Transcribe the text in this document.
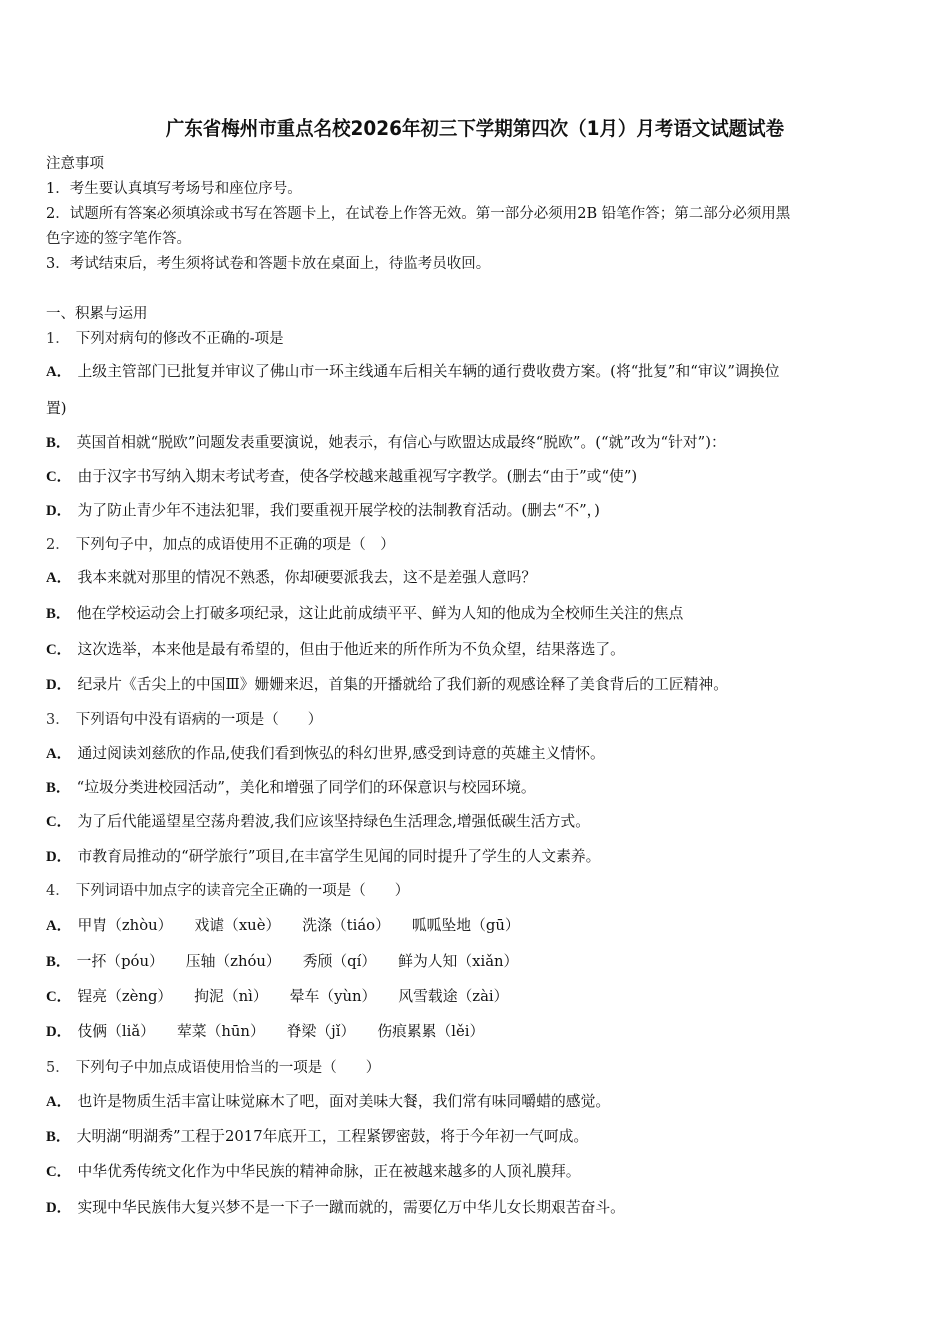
广东省梅州市重点名校2026年初三下学期第四次（1月）月考语文试题试卷
注意事项
1．考生要认真填写考场号和座位序号。
2．试题所有答案必须填涂或书写在答题卡上，在试卷上作答无效。第一部分必须用2B 铅笔作答；第二部分必须用黑
色字迹的签字笔作答。
3．考试结束后，考生须将试卷和答题卡放在桌面上，待监考员收回。
一、积累与运用
1． 下列对病句的修改不正确的-项是
A． 上级主管部门已批复并审议了佛山市一环主线通车后相关车辆的通行费收费方案。(将“批复”和“审议”调换位
置)
B． 英国首相就“脱欧”问题发表重要演说，她表示，有信心与欧盟达成最终“脱欧”。(“就”改为“针对”)：
C． 由于汉字书写纳入期末考试考查，使各学校越来越重视写字教学。(删去“由于”或“使”)
D． 为了防止青少年不违法犯罪，我们要重视开展学校的法制教育活动。(删去“不”，)
2． 下列句子中，加点的成语使用不正确的项是（　）
A． 我本来就对那里的情况不熟悉，你却硬要派我去，这不是差强人意吗？
B． 他在学校运动会上打破多项纪录，这让此前成绩平平、鲜为人知的他成为全校师生关注的焦点
C． 这次选举，本来他是最有希望的，但由于他近来的所作所为不负众望，结果落选了。
D． 纪录片《舌尖上的中国Ⅲ》姗姗来迟，首集的开播就给了我们新的观感诠释了美食背后的工匠精神。
3． 下列语句中没有语病的一项是（　　）
A． 通过阅读刘慈欣的作品,使我们看到恢弘的科幻世界,感受到诗意的英雄主义情怀。
B． “垃圾分类进校园活动”，美化和增强了同学们的环保意识与校园环境。
C． 为了后代能遥望星空荡舟碧波,我们应该坚持绿色生活理念,增强低碳生活方式。
D． 市教育局推动的“研学旅行”项目,在丰富学生见闻的同时提升了学生的人文素养。
4． 下列词语中加点字的读音完全正确的一项是（　　）
A． 甲胄（zhòu） 戏谑（xuè） 洗涤（tiáo） 呱呱坠地（gū）
B． 一抔（póu） 压轴（zhóu） 秀颀（qí） 鲜为人知（xiǎn）
C． 锃亮（zèng） 拘泥（nì） 晕车（yùn） 风雪载途（zài）
D． 伎俩（liǎ） 荤菜（hūn） 脊梁（jǐ） 伤痕累累（lěi）
5． 下列句子中加点成语使用恰当的一项是（　　）
A． 也许是物质生活丰富让味觉麻木了吧，面对美味大餐，我们常有味同嚼蜡的感觉。
B． 大明湖“明湖秀”工程于2017年底开工，工程紧锣密鼓，将于今年初一气呵成。
C． 中华优秀传统文化作为中华民族的精神命脉，正在被越来越多的人顶礼膜拜。
D． 实现中华民族伟大复兴梦不是一下子一蹴而就的，需要亿万中华儿女长期艰苦奋斗。
